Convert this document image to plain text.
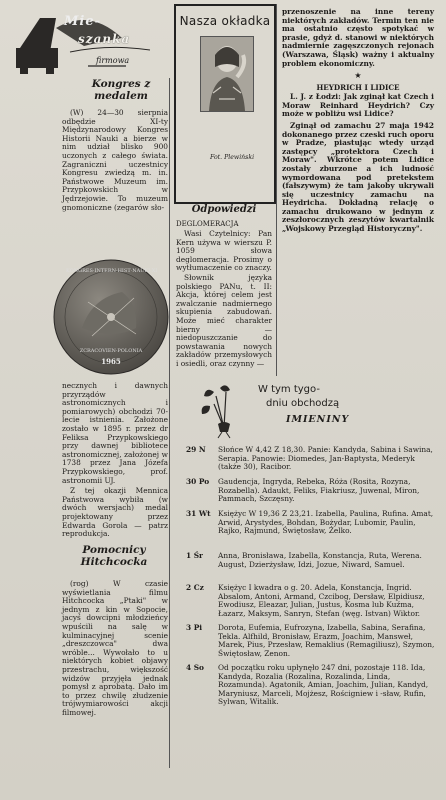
Mie-
szanka
firmowa
Kongres z medalem

(W) 24—30 sierpnia odbędzie XI-ty Międzynarodowy Kongres Historii Nauki a bierze w nim udział blisko 900 uczonych z całego świata. Zagraniczni uczestnicy Kongresu zwiedzą m. in. Państwowe Muzeum im. Przypkowskich w Jędrzejowie. To muzeum gnomoniczne (zegarów sło-

KONGRES·INTERN·HIST·NAUKI·XI
ZCRACOVIEN·POLONIA
1965

necznych i dawnych przyrządów astronomicznych i pomiarowych) obchodzi 70-lecie istnienia. Założone zostało w 1895 r. przez dr Feliksa Przypkowskiego przy dawnej bibliotece astronomicznej, założonej w 1738 przez Jana Józefa Przypkowskiego, prof. astronomii UJ.

Z tej okazji Mennica Państwowa wybiła (w dwóch wersjach) medal projektowany przez Edwarda Gorola — patrz reprodukcja.

Pomocnicy Hitchcocka

(rog) W czasie wyświetlania filmu Hitchcocka „Ptaki" w jednym z kin w Sopocie, jacyś dowcipni młodzieńcy wpuścili na salę w kulminacyjnej scenie „dreszczowca" dwa wróble... Wywołało to u niektórych kobiet objawy przestrachu, większość widzów przyjęła jednak pomysł z aprobatą. Dało im to przez chwilę złudzenie trójwymiarowości akcji filmowej.

Nasza okładka
Fot. Plewiński
Odpowiedzi
DEGLOMERACJA

Wasi Czytelnicy: Pan Kern używa w wierszu P. 1059 słowa deglomeracja. Prosimy o wytłumaczenie co znaczy.

Słownik języka polskiego PANu, t. II: Akcja, której celem jest zwalczanie nadmiernego skupienia zabudowań. Może mieć charakter bierny — niedopuszczanie do powstawania nowych zakładów przemysłowych i osiedli, oraz czynny —

przenoszenie na inne tereny niektórych zakładów. Termin ten nie ma ostatnio często spotykać w prasie, gdyż d. stanowi w niektórych nadmiernie zagęszczonych rejonach (Warszawa, Śląsk) ważny i aktualny problem ekonomiczny.

★
HEYDRICH I LIDICE

L. J. z Łodzi: Jak zginął kat Czech i Moraw Reinhard Heydrich? Czy może w pobliżu wsi Lidice?

Zginął od zamachu 27 maja 1942 dokonanego przez czeski ruch oporu w Pradze, piastując wtedy urząd zastępcy „protektora Czech i Moraw". Wkrótce potem Lidice zostały zburzone a ich ludność wymordowana pod pretekstem (fałszywym) że tam jakoby ukrywali się uczestnicy zamachu na Heydricha. Dokładną relację o zamachu drukowano w jednym z zeszłorocznych zeszytów kwartalnik „Wojskowy Przegląd Historyczny".

W tym tygo-
dniu obchodzą
IMIENINY
29 N	Słońce W 4,42 Z 18,30. Panie: Kandyda, Sabina i Sawina, Serapia. Panowie: Diomedes, Jan-Baptysta, Mederyk (także 30), Racibor.
30 Po	Gaudencja, Ingryda, Rebeka, Róża (Rosita, Rozyna, Rozabella). Adaukt, Feliks, Fiakriusz, Juwenal, Miron, Pammach, Szczęsny.
31 Wt	Księżyc W 19,36 Z 23,21. Izabella, Paulina, Rufina. Amat, Arwid, Arystydes, Bohdan, Bożydar, Lubomir, Paulin, Rajko, Rajmund, Świętosław, Żelko.
1 Śr	Anna, Bronisława, Izabella, Konstancja, Ruta, Werena. August, Dzierżysław, Idzi, Jozue, Niward, Samuel.
2 Cz	Księżyc I kwadra o g. 20. Adela, Konstancja, Ingrid. Absalom, Antoni, Armand, Czcibog, Dersław, Elpidiusz, Ewodiusz, Eleazar, Julian, Justus, Kosma lub Kuźma, Łazarz, Maksym, Sanryn, Stefan (węg. Istvan) Wiktor.
3 Pi	Dorota, Eufemia, Eufrozyna, Izabella, Sabina, Serafina, Tekla. Alfhild, Bronisław, Erazm, Joachim, Mansweł, Marek, Pius, Przesław, Remaklius (Remagiliusz), Szymon, Świętosław, Zenon.
4 So	Od początku roku upłynęło 247 dni, pozostaje 118. Ida, Kandyda, Rozalia (Rozalina, Rozalinda, Linda, Rozamunda). Agatonik, Amian, Joachim, Julian, Kandyd, Maryniusz, Marceli, Mojżesz, Rościgniew i -sław, Rufin, Sylwan, Witalik.
